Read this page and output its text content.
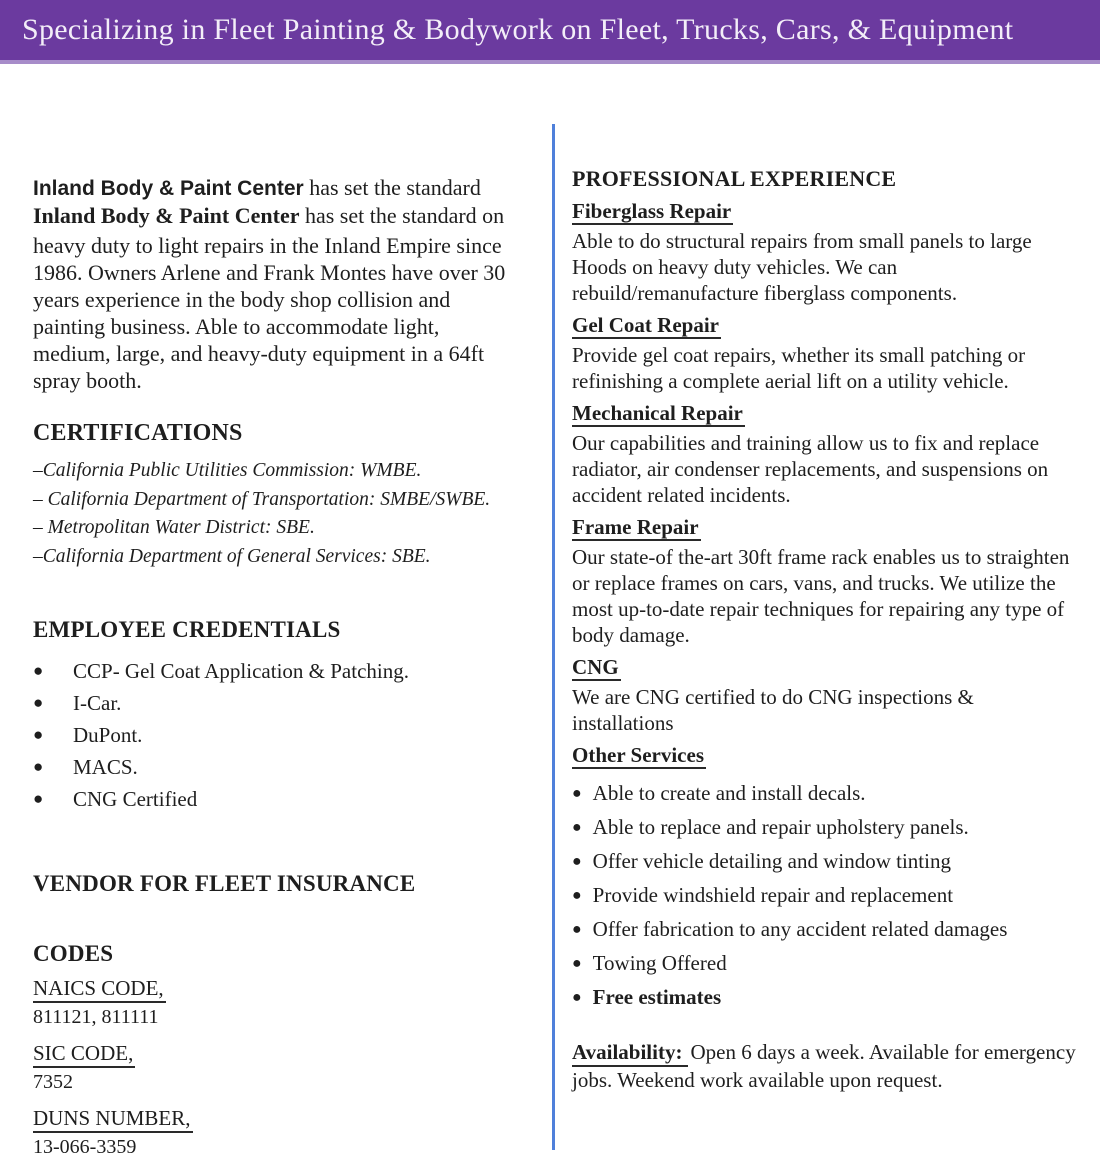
Specializing in Fleet Painting & Bodywork on Fleet, Trucks, Cars, & Equipment

Inland Body & Paint Center has set the standard
Inland Body & Paint Center has set the standard on

heavy duty to light repairs in the Inland Empire since 1986. Owners Arlene and Frank Montes have over 30 years experience in the body shop collision and painting business. Able to accommodate light, medium, large, and heavy-duty equipment in a 64ft spray booth.

CERTIFICATIONS
–California Public Utilities Commission: WMBE.
– California Department of Transportation: SMBE/SWBE.
– Metropolitan Water District: SBE.
–California Department of General Services: SBE.
EMPLOYEE CREDENTIALS
●	CCP- Gel Coat Application & Patching.
●	I-Car.
●	DuPont.
●	MACS.
●	CNG Certified
VENDOR FOR FLEET INSURANCE
CODES
NAICS CODE,
811121, 811111
SIC CODE,
7352
DUNS NUMBER,
13-066-3359
PROFESSIONAL EXPERIENCE
Fiberglass Repair

Able to do structural repairs from small panels to large Hoods on heavy duty vehicles. We can rebuild/remanufacture fiberglass components.

Gel Coat Repair

Provide gel coat repairs, whether its small patching or refinishing a complete aerial lift on a utility vehicle.

Mechanical Repair

Our capabilities and training allow us to fix and replace radiator, air condenser replacements, and suspensions on accident related incidents.

Frame Repair

Our state-of the-art 30ft frame rack enables us to straighten or replace frames on cars, vans, and trucks. We utilize the most up-to-date repair techniques for repairing any type of body damage.

CNG

We are CNG certified to do CNG inspections & installations

Other Services
● Able to create and install decals.
● Able to replace and repair upholstery panels.
● Offer vehicle detailing and window tinting
● Provide windshield repair and replacement
● Offer fabrication to any accident related damages
● Towing Offered
● Free estimates

Availability: Open 6 days a week. Available for emergency jobs. Weekend work available upon request.
